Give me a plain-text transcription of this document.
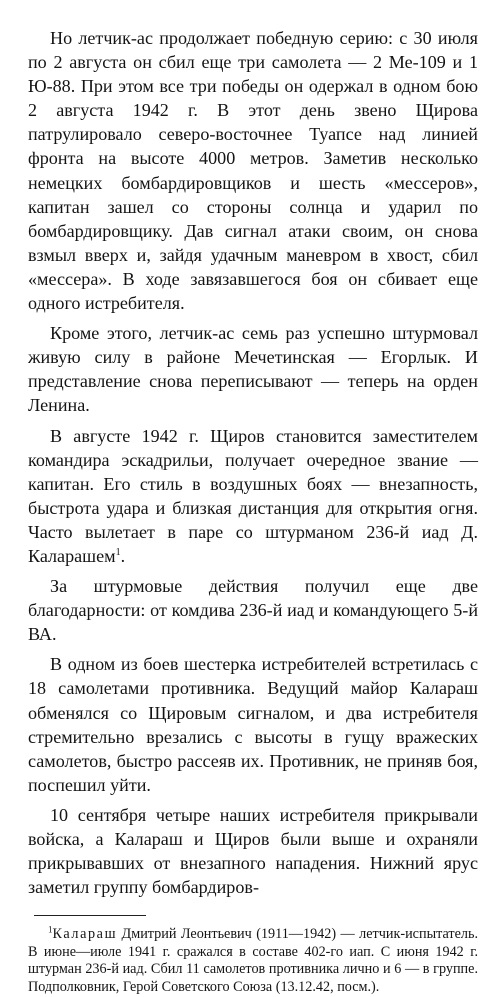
Но летчик-ас продолжает победную серию: с 30 июля по 2 августа он сбил еще три самолета — 2 Ме-109 и 1 Ю-88. При этом все три победы он одержал в одном бою 2 августа 1942 г. В этот день звено Щирова патрулировало северо-восточнее Туапсе над линией фронта на высоте 4000 метров. Заметив несколько немецких бомбардировщиков и шесть «мессеров», капитан зашел со стороны солнца и ударил по бомбардировщику. Дав сигнал атаки своим, он снова взмыл вверх и, зайдя удачным маневром в хвост, сбил «мессера». В ходе завязавшегося боя он сбивает еще одного истребителя.

Кроме этого, летчик-ас семь раз успешно штурмовал живую силу в районе Мечетинская — Егорлык. И представление снова переписывают — теперь на орден Ленина.

В августе 1942 г. Щиров становится заместителем командира эскадрильи, получает очередное звание — капитан. Его стиль в воздушных боях — внезапность, быстрота удара и близкая дистанция для открытия огня. Часто вылетает в паре со штурманом 236-й иад Д. Каларашем$^1$.

За штурмовые действия получил еще две благодарности: от комдива 236-й иад и командующего 5-й ВА.

В одном из боев шестерка истребителей встретилась с 18 самолетами противника. Ведущий майор Калараш обменялся со Щировым сигналом, и два истребителя стремительно врезались с высоты в гущу вражеских самолетов, быстро рассеяв их. Противник, не приняв боя, поспешил уйти.

10 сентября четыре наших истребителя прикрывали войска, а Калараш и Щиров были выше и охраняли прикрывавших от внезапного нападения. Нижний ярус заметил группу бомбардиров-

$^1$Калараш Дмитрий Леонтьевич (1911—1942) — летчик-испытатель. В июне—июле 1941 г. сражался в составе 402-го иап. С июня 1942 г. штурман 236-й иад. Сбил 11 самолетов противника лично и 6 — в группе. Подполковник, Герой Советского Союза (13.12.42, посм.).
